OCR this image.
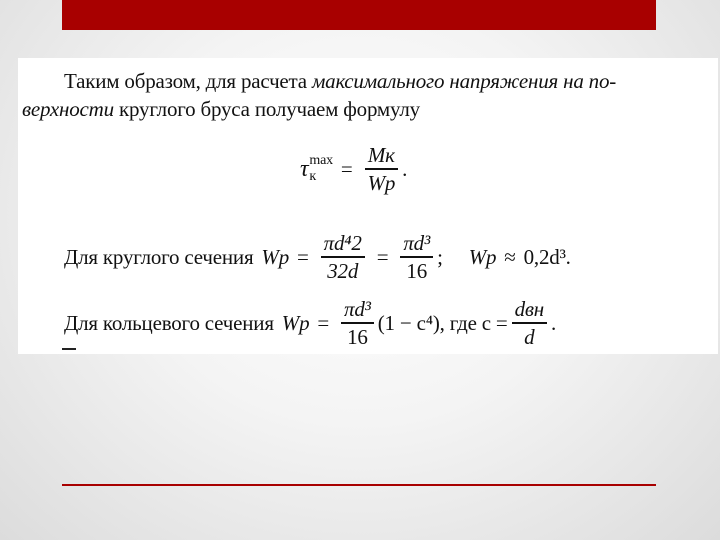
Таким образом, для расчета максимального напряжения на по-
верхности круглого бруса получаем формулу
τ max
к	= $\frac{Mк}{Wp}$ .
Для круглого сечения $Wp = \frac{\text{πd⁴2}}{32d} = \frac{\text{πd³}}{16}$ ; Wp ≈ 0,2d³.
Для кольцевого сечения $Wp = \frac{\text{πd³}}{16} (1 - c^4)$, где $c = \frac{\text{dвн}}{d}$ .
